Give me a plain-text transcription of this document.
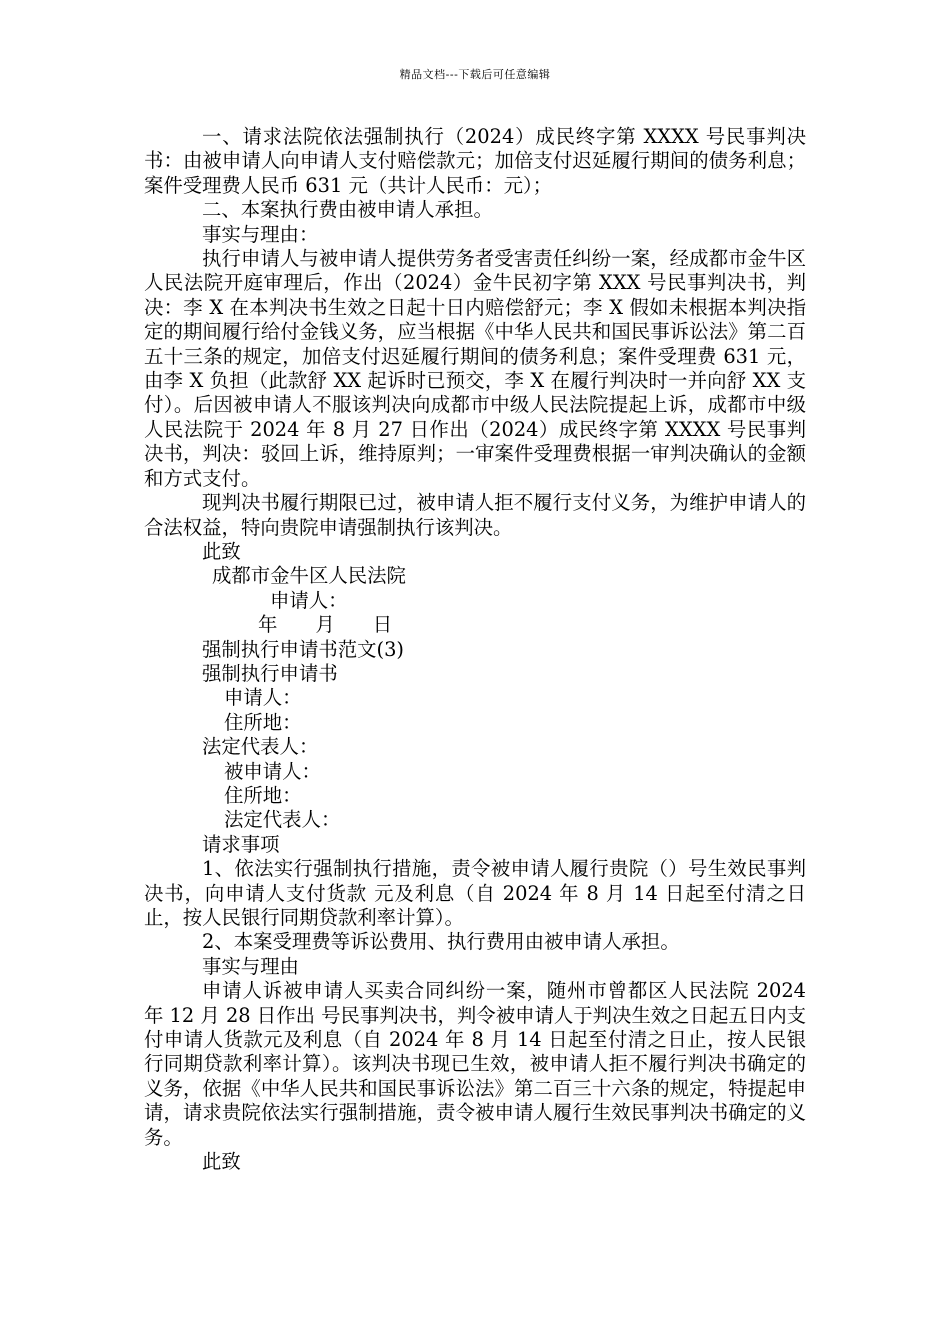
精品文档---下载后可任意编辑

一、请求法院依法强制执行（2024）成民终字第 XXXX 号民事判决书：由被申请人向申请人支付赔偿款元；加倍支付迟延履行期间的债务利息；案件受理费人民币 631 元（共计人民币：元）；

二、本案执行费由被申请人承担。

事实与理由：

执行申请人与被申请人提供劳务者受害责任纠纷一案，经成都市金牛区人民法院开庭审理后，作出（2024）金牛民初字第 XXX 号民事判决书，判决：李 X 在本判决书生效之日起十日内赔偿舒元；李 X 假如未根据本判决指定的期间履行给付金钱义务，应当根据《中华人民共和国民事诉讼法》第二百五十三条的规定，加倍支付迟延履行期间的债务利息；案件受理费 631 元，由李 X 负担（此款舒 XX 起诉时已预交，李 X 在履行判决时一并向舒 XX 支付）。后因被申请人不服该判决向成都市中级人民法院提起上诉，成都市中级人民法院于 2024 年 8 月 27 日作出（2024）成民终字第 XXXX 号民事判决书，判决：驳回上诉，维持原判；一审案件受理费根据一审判决确认的金额和方式支付。

现判决书履行期限已过，被申请人拒不履行支付义务，为维护申请人的合法权益，特向贵院申请强制执行该判决。

此致

成都市金牛区人民法院

申请人：

年 月 日

强制执行申请书范文(3)

强制执行申请书

申请人：

住所地：

法定代表人：

被申请人：

住所地：

法定代表人：

请求事项

1、依法实行强制执行措施，责令被申请人履行贵院（）号生效民事判决书，向申请人支付货款 元及利息（自 2024 年 8 月 14 日起至付清之日止，按人民银行同期贷款利率计算）。

2、本案受理费等诉讼费用、执行费用由被申请人承担。

事实与理由

申请人诉被申请人买卖合同纠纷一案，随州市曾都区人民法院 2024 年 12 月 28 日作出 号民事判决书，判令被申请人于判决生效之日起五日内支付申请人货款元及利息（自 2024 年 8 月 14 日起至付清之日止，按人民银行同期贷款利率计算）。该判决书现已生效，被申请人拒不履行判决书确定的义务，依据《中华人民共和国民事诉讼法》第二百三十六条的规定，特提起申请，请求贵院依法实行强制措施，责令被申请人履行生效民事判决书确定的义务。

此致
